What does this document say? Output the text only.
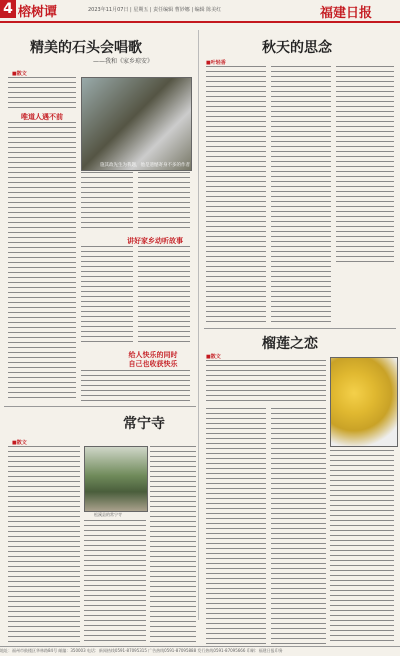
4 榕树谭	2023年11月07日 | 星期五 | 责任编辑 曹妙娜 | 编辑 陈美红	福建日报
精美的石头会唱歌
——我和《家乡琼安》
■散文
唯道人遇不前
施其政先生为我题，他是遗憾寄身不多的作者
讲好家乡动听故事
给人快乐的同时
自己也收获快乐
秋天的思念
■叶轻香
榴莲之恋
■散文
常宁寺
■散文
松溪县的常宁寺
地址：福州市鼓楼区华林路84号 邮编：350003 电话：新闻热线0591-87095315 广告热线0591-87095888 发行热线0591-87095666 印刷：福建日报印务
